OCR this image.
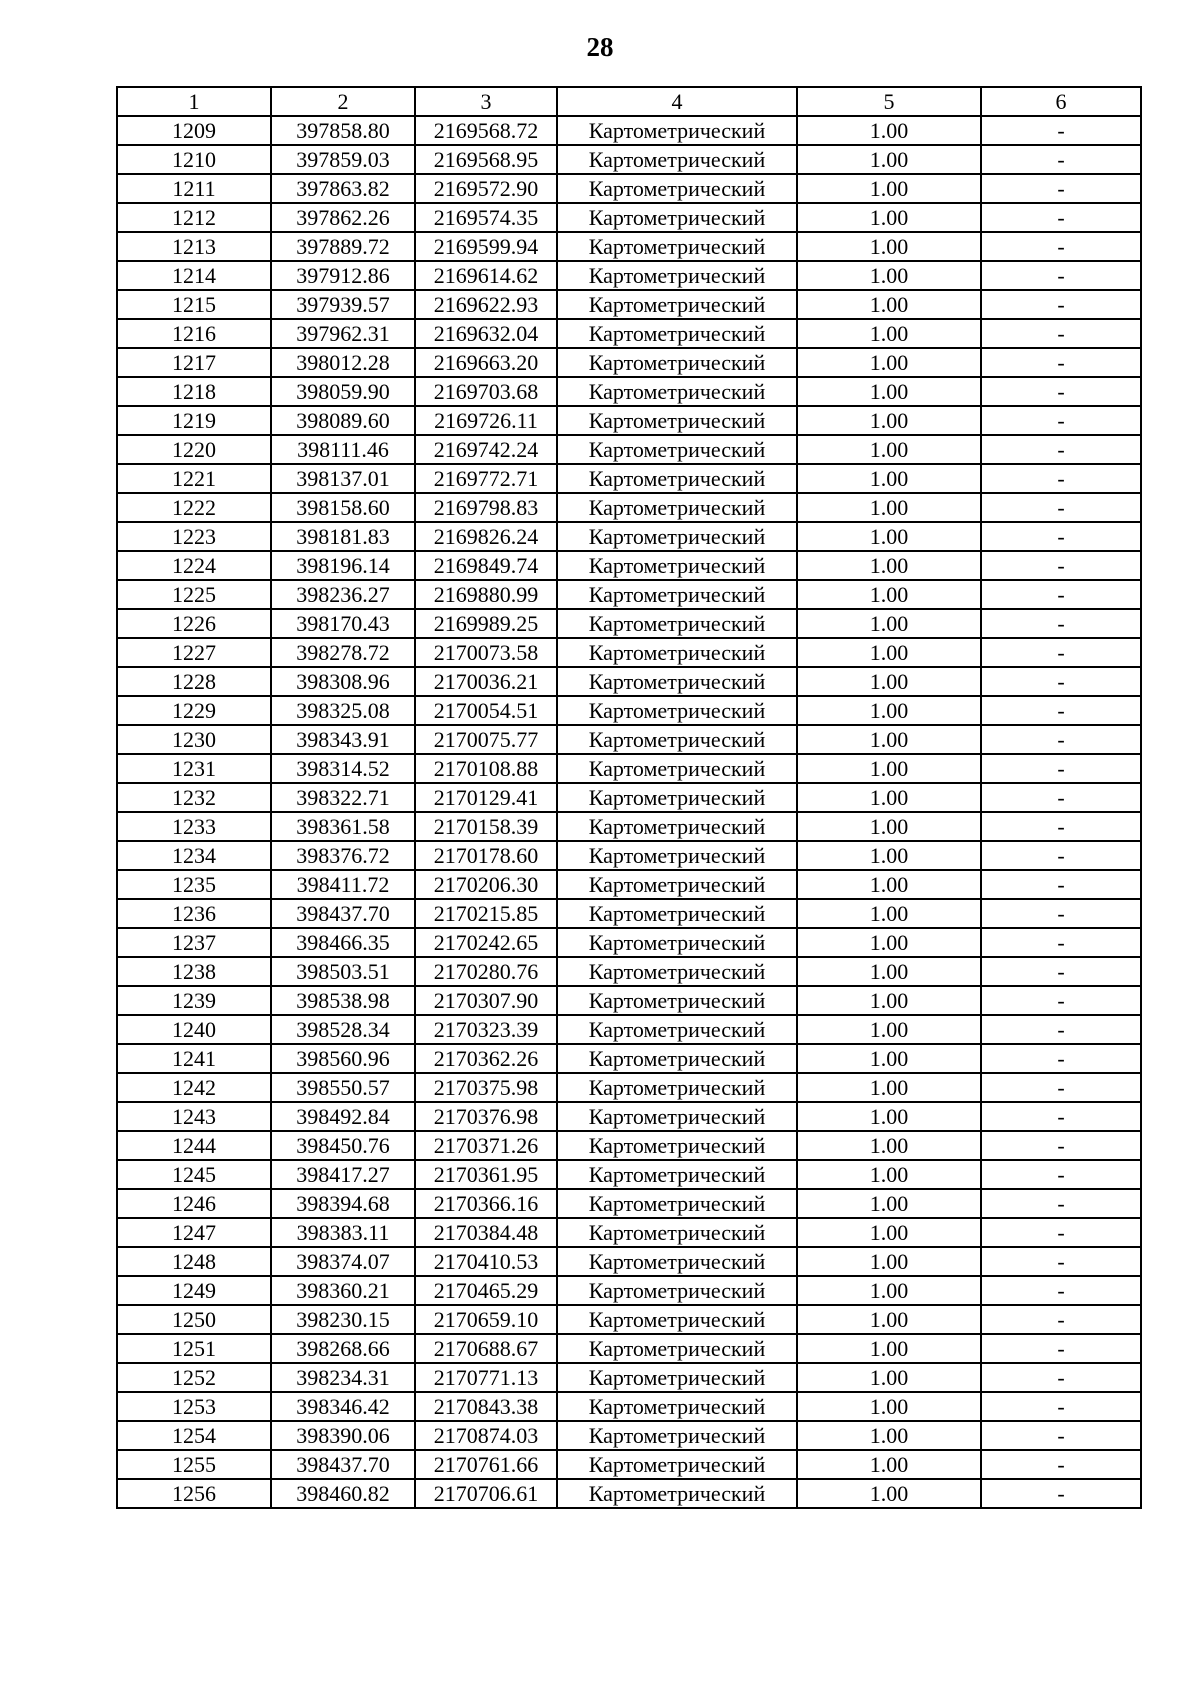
28
1	2	3	4	5	6
1209	397858.80	2169568.72	Картометрический	1.00	-
1210	397859.03	2169568.95	Картометрический	1.00	-
1211	397863.82	2169572.90	Картометрический	1.00	-
1212	397862.26	2169574.35	Картометрический	1.00	-
1213	397889.72	2169599.94	Картометрический	1.00	-
1214	397912.86	2169614.62	Картометрический	1.00	-
1215	397939.57	2169622.93	Картометрический	1.00	-
1216	397962.31	2169632.04	Картометрический	1.00	-
1217	398012.28	2169663.20	Картометрический	1.00	-
1218	398059.90	2169703.68	Картометрический	1.00	-
1219	398089.60	2169726.11	Картометрический	1.00	-
1220	398111.46	2169742.24	Картометрический	1.00	-
1221	398137.01	2169772.71	Картометрический	1.00	-
1222	398158.60	2169798.83	Картометрический	1.00	-
1223	398181.83	2169826.24	Картометрический	1.00	-
1224	398196.14	2169849.74	Картометрический	1.00	-
1225	398236.27	2169880.99	Картометрический	1.00	-
1226	398170.43	2169989.25	Картометрический	1.00	-
1227	398278.72	2170073.58	Картометрический	1.00	-
1228	398308.96	2170036.21	Картометрический	1.00	-
1229	398325.08	2170054.51	Картометрический	1.00	-
1230	398343.91	2170075.77	Картометрический	1.00	-
1231	398314.52	2170108.88	Картометрический	1.00	-
1232	398322.71	2170129.41	Картометрический	1.00	-
1233	398361.58	2170158.39	Картометрический	1.00	-
1234	398376.72	2170178.60	Картометрический	1.00	-
1235	398411.72	2170206.30	Картометрический	1.00	-
1236	398437.70	2170215.85	Картометрический	1.00	-
1237	398466.35	2170242.65	Картометрический	1.00	-
1238	398503.51	2170280.76	Картометрический	1.00	-
1239	398538.98	2170307.90	Картометрический	1.00	-
1240	398528.34	2170323.39	Картометрический	1.00	-
1241	398560.96	2170362.26	Картометрический	1.00	-
1242	398550.57	2170375.98	Картометрический	1.00	-
1243	398492.84	2170376.98	Картометрический	1.00	-
1244	398450.76	2170371.26	Картометрический	1.00	-
1245	398417.27	2170361.95	Картометрический	1.00	-
1246	398394.68	2170366.16	Картометрический	1.00	-
1247	398383.11	2170384.48	Картометрический	1.00	-
1248	398374.07	2170410.53	Картометрический	1.00	-
1249	398360.21	2170465.29	Картометрический	1.00	-
1250	398230.15	2170659.10	Картометрический	1.00	-
1251	398268.66	2170688.67	Картометрический	1.00	-
1252	398234.31	2170771.13	Картометрический	1.00	-
1253	398346.42	2170843.38	Картометрический	1.00	-
1254	398390.06	2170874.03	Картометрический	1.00	-
1255	398437.70	2170761.66	Картометрический	1.00	-
1256	398460.82	2170706.61	Картометрический	1.00	-
